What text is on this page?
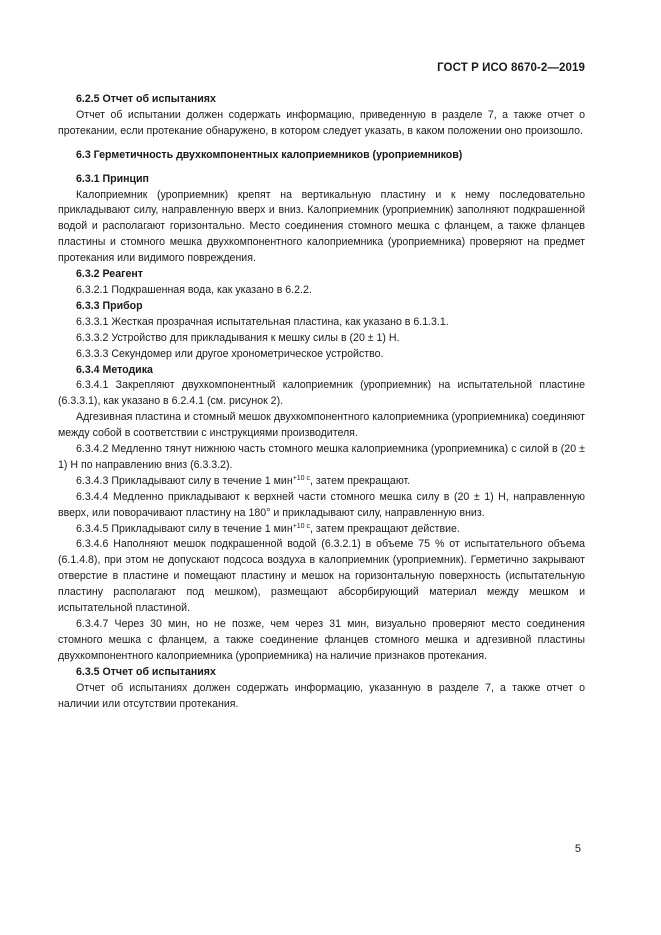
ГОСТ Р ИСО 8670-2—2019

6.2.5 Отчет об испытаниях

Отчет об испытании должен содержать информацию, приведенную в разделе 7, а также отчет о протекании, если протекание обнаружено, в котором следует указать, в каком положении оно произошло.

6.3 Герметичность двухкомпонентных калоприемников (уроприемников)

6.3.1 Принцип

Калоприемник (уроприемник) крепят на вертикальную пластину и к нему последовательно прикладывают силу, направленную вверх и вниз. Калоприемник (уроприемник) заполняют подкрашенной водой и располагают горизонтально. Место соединения стомного мешка с фланцем, а также фланцев пластины и стомного мешка двухкомпонентного калоприемника (уроприемника) проверяют на предмет протекания или видимого повреждения.

6.3.2 Реагент

6.3.2.1 Подкрашенная вода, как указано в 6.2.2.

6.3.3 Прибор

6.3.3.1 Жесткая прозрачная испытательная пластина, как указано в 6.1.3.1.

6.3.3.2 Устройство для прикладывания к мешку силы в (20 ± 1) Н.

6.3.3.3 Секундомер или другое хронометрическое устройство.

6.3.4 Методика

6.3.4.1 Закрепляют двухкомпонентный калоприемник (уроприемник) на испытательной пластине (6.3.3.1), как указано в 6.2.4.1 (см. рисунок 2).

Адгезивная пластина и стомный мешок двухкомпонентного калоприемника (уроприемника) соединяют между собой в соответствии с инструкциями производителя.

6.3.4.2 Медленно тянут нижнюю часть стомного мешка калоприемника (уроприемника) с силой в (20 ± 1) Н по направлению вниз (6.3.3.2).

6.3.4.3 Прикладывают силу в течение 1 мин$^{+10 с}$, затем прекращают.

6.3.4.4 Медленно прикладывают к верхней части стомного мешка силу в (20 ± 1) Н, направленную вверх, или поворачивают пластину на 180° и прикладывают силу, направленную вниз.

6.3.4.5 Прикладывают силу в течение 1 мин$^{+10 с}$, затем прекращают действие.

6.3.4.6 Наполняют мешок подкрашенной водой (6.3.2.1) в объеме 75 % от испытательного объема (6.1.4.8), при этом не допускают подсоса воздуха в калоприемник (уроприемник). Герметично закрывают отверстие в пластине и помещают пластину и мешок на горизонтальную поверхность (испытательную пластину располагают под мешком), размещают абсорбирующий материал между мешком и испытательной пластиной.

6.3.4.7 Через 30 мин, но не позже, чем через 31 мин, визуально проверяют место соединения стомного мешка с фланцем, а также соединение фланцев стомного мешка и адгезивной пластины двухкомпонентного калоприемника (уроприемника) на наличие признаков протекания.

6.3.5 Отчет об испытаниях

Отчет об испытаниях должен содержать информацию, указанную в разделе 7, а также отчет о наличии или отсутствии протекания.

5
